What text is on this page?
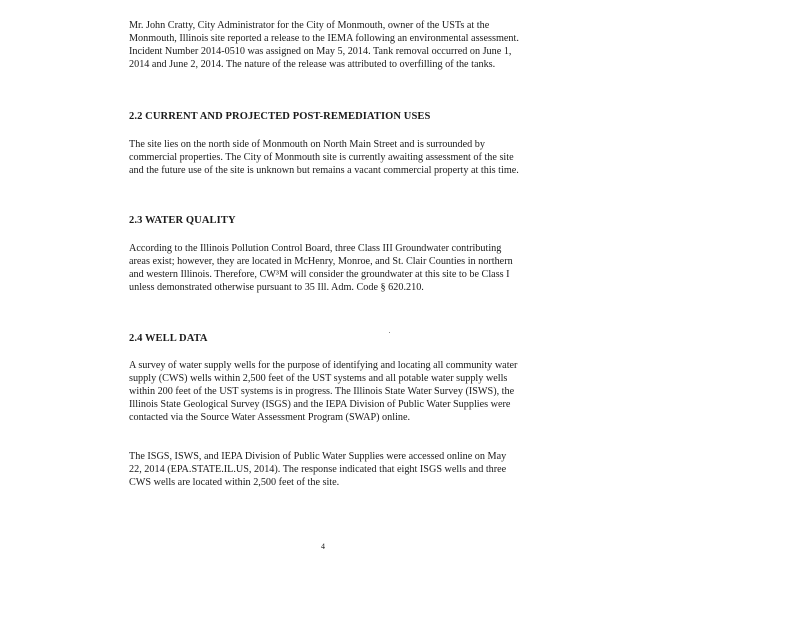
Mr. John Cratty, City Administrator for the City of Monmouth, owner of the USTs at the Monmouth, Illinois site reported a release to the IEMA following an environmental assessment. Incident Number 2014-0510 was assigned on May 5, 2014. Tank removal occurred on June 1, 2014 and June 2, 2014. The nature of the release was attributed to overfilling of the tanks.

2.2 CURRENT AND PROJECTED POST-REMEDIATION USES

The site lies on the north side of Monmouth on North Main Street and is surrounded by commercial properties. The City of Monmouth site is currently awaiting assessment of the site and the future use of the site is unknown but remains a vacant commercial property at this time.

2.3 WATER QUALITY

According to the Illinois Pollution Control Board, three Class III Groundwater contributing areas exist; however, they are located in McHenry, Monroe, and St. Clair Counties in northern and western Illinois. Therefore, CW³M will consider the groundwater at this site to be Class I unless demonstrated otherwise pursuant to 35 Ill. Adm. Code § 620.210.

2.4 WELL DATA

A survey of water supply wells for the purpose of identifying and locating all community water supply (CWS) wells within 2,500 feet of the UST systems and all potable water supply wells within 200 feet of the UST systems is in progress. The Illinois State Water Survey (ISWS), the Illinois State Geological Survey (ISGS) and the IEPA Division of Public Water Supplies were contacted via the Source Water Assessment Program (SWAP) online.

The ISGS, ISWS, and IEPA Division of Public Water Supplies were accessed online on May 22, 2014 (EPA.STATE.IL.US, 2014). The response indicated that eight ISGS wells and three CWS wells are located within 2,500 feet of the site.

4
